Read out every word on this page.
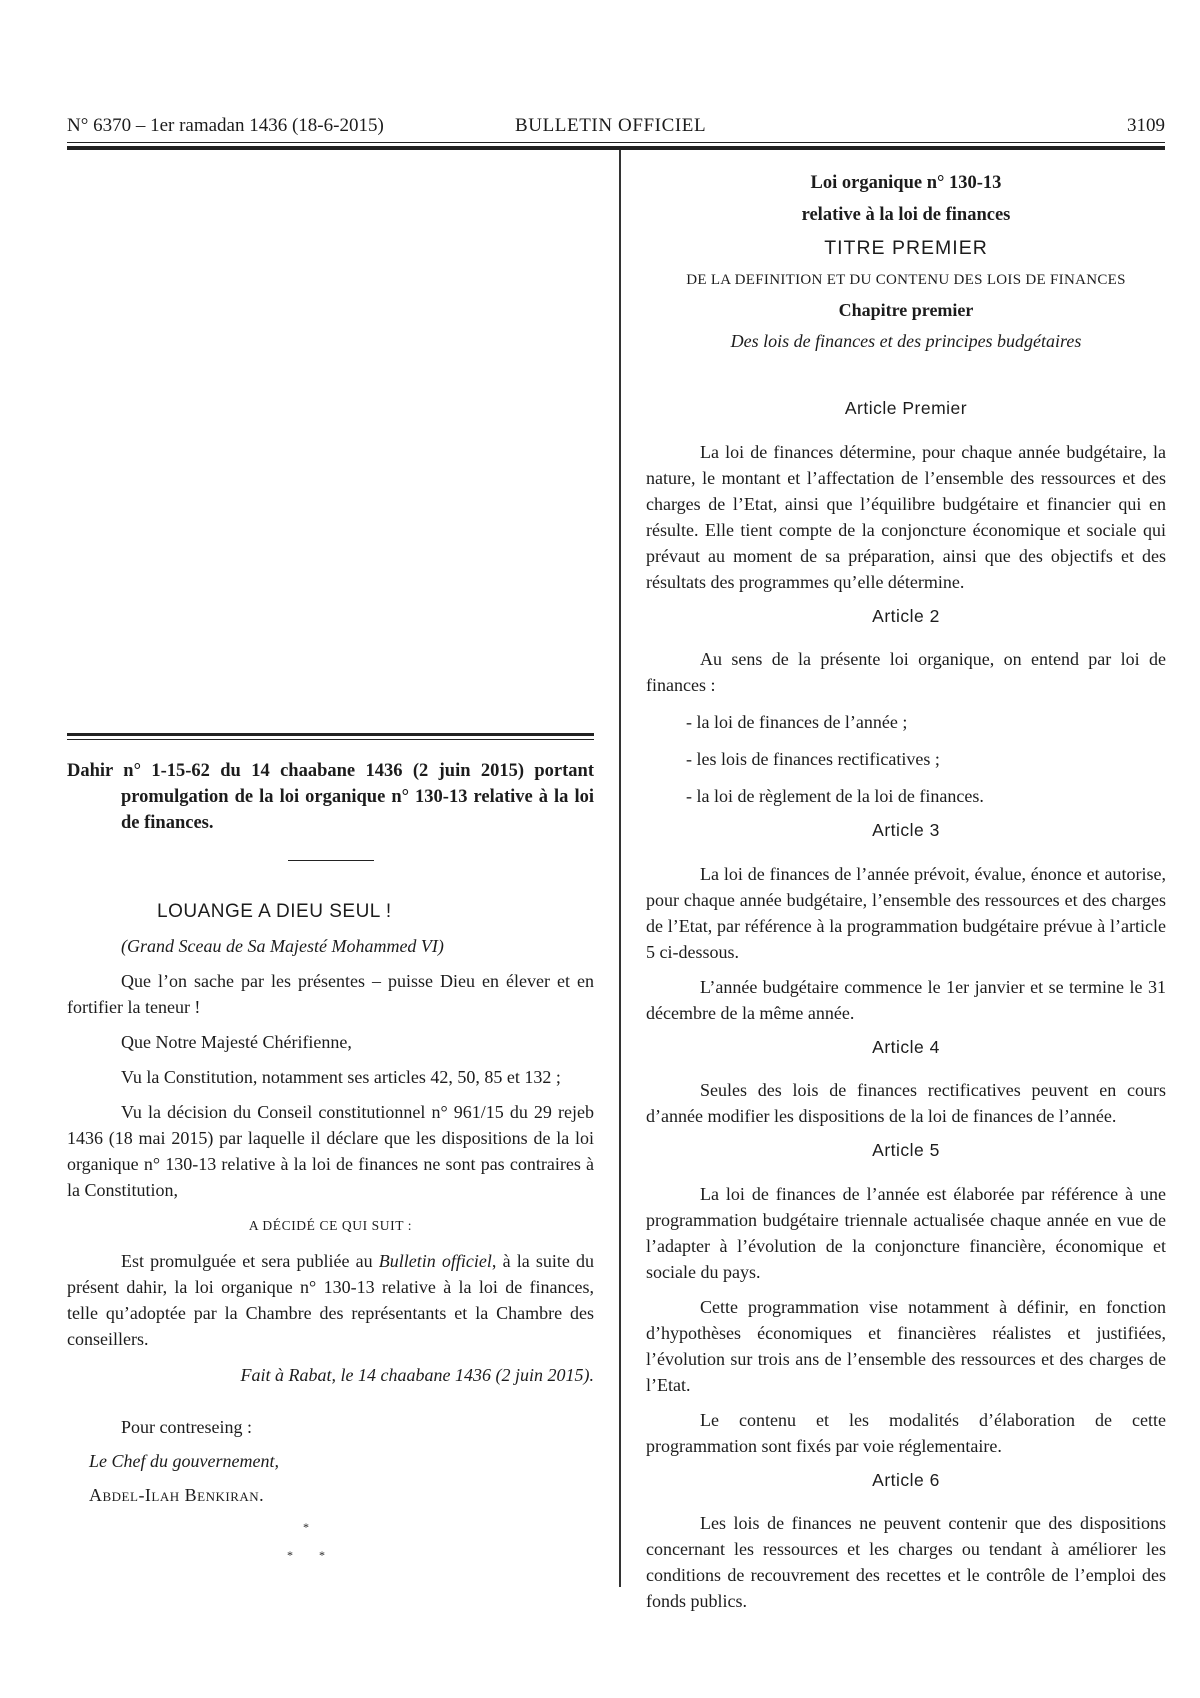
N° 6370 – 1er ramadan 1436 (18-6-2015)	BULLETIN OFFICIEL	3109
Dahir n° 1-15-62 du 14 chaabane 1436 (2 juin 2015) portant promulgation de la loi organique n° 130-13 relative à la loi de finances.

LOUANGE A DIEU SEUL !

(Grand Sceau de Sa Majesté Mohammed VI)

Que l’on sache par les présentes – puisse Dieu en élever et en fortifier la teneur !

Que Notre Majesté Chérifienne,

Vu la Constitution, notamment ses articles 42, 50, 85 et 132 ;

Vu la décision du Conseil constitutionnel n° 961/15 du 29 rejeb 1436 (18 mai 2015) par laquelle il déclare que les dispositions de la loi organique n° 130-13 relative à la loi de finances ne sont pas contraires à la Constitution,

A DÉCIDÉ CE QUI SUIT :

Est promulguée et sera publiée au Bulletin officiel, à la suite du présent dahir, la loi organique n° 130-13 relative à la loi de finances, telle qu’adoptée par la Chambre des représentants et la Chambre des conseillers.

Fait à Rabat, le 14 chaabane 1436 (2 juin 2015).

Pour contreseing :

Le Chef du gouvernement,

Abdel-Ilah Benkiran.

*
* *
Loi organique n° 130-13
relative à la loi de finances
TITRE PREMIER
DE LA DEFINITION ET DU CONTENU DES LOIS DE FINANCES
Chapitre premier
Des lois de finances et des principes budgétaires

Article Premier

La loi de finances détermine, pour chaque année budgétaire, la nature, le montant et l’affectation de l’ensemble des ressources et des charges de l’Etat, ainsi que l’équilibre budgétaire et financier qui en résulte. Elle tient compte de la conjoncture économique et sociale qui prévaut au moment de sa préparation, ainsi que des objectifs et des résultats des programmes qu’elle détermine.

Article 2

Au sens de la présente loi organique, on entend par loi de finances :

- la loi de finances de l’année ;

- les lois de finances rectificatives ;

- la loi de règlement de la loi de finances.

Article 3

La loi de finances de l’année prévoit, évalue, énonce et autorise, pour chaque année budgétaire, l’ensemble des ressources et des charges de l’Etat, par référence à la programmation budgétaire prévue à l’article 5 ci-dessous.

L’année budgétaire commence le 1er janvier et se termine le 31 décembre de la même année.

Article 4

Seules des lois de finances rectificatives peuvent en cours d’année modifier les dispositions de la loi de finances de l’année.

Article 5

La loi de finances de l’année est élaborée par référence à une programmation budgétaire triennale actualisée chaque année en vue de l’adapter à l’évolution de la conjoncture financière, économique et sociale du pays.

Cette programmation vise notamment à définir, en fonction d’hypothèses économiques et financières réalistes et justifiées, l’évolution sur trois ans de l’ensemble des ressources et des charges de l’Etat.

Le contenu et les modalités d’élaboration de cette programmation sont fixés par voie réglementaire.

Article 6

Les lois de finances ne peuvent contenir que des dispositions concernant les ressources et les charges ou tendant à améliorer les conditions de recouvrement des recettes et le contrôle de l’emploi des fonds publics.
